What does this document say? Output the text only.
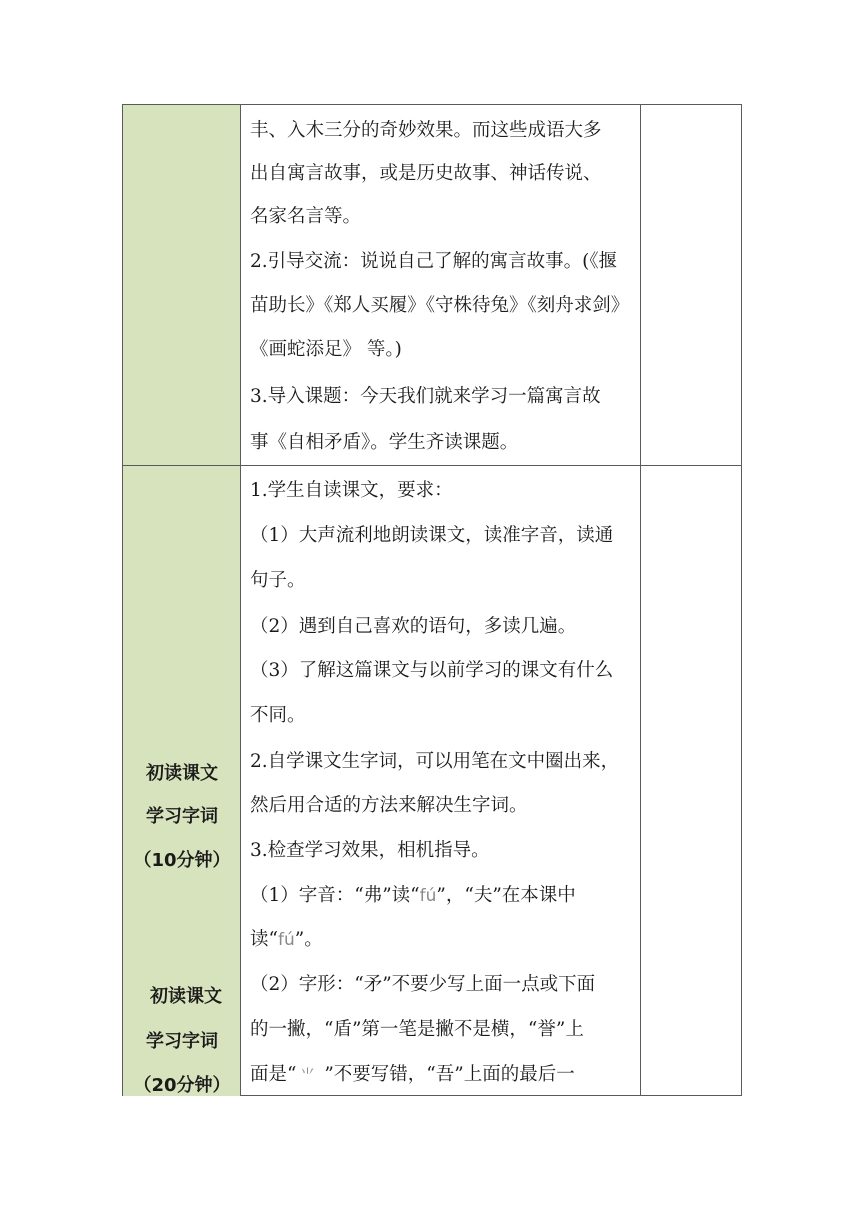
丰、入木三分的奇妙效果。而这些成语大多
出自寓言故事，或是历史故事、神话传说、
名家名言等。
2.引导交流：说说自己了解的寓言故事。(《揠
苗助长》《郑人买履》《守株待兔》《刻舟求剑》
《画蛇添足》 等。)
3.导入课题：今天我们就来学习一篇寓言故
事《自相矛盾》。学生齐读课题。
初读课文
学习字词
（10分钟）
初读课文
学习字词
（20分钟）
1.学生自读课文，要求：
（1）大声流利地朗读课文，读准字音，读通
句子。
（2）遇到自己喜欢的语句，多读几遍。
（3）了解这篇课文与以前学习的课文有什么
不同。
2.自学课文生字词，可以用笔在文中圈出来，
然后用合适的方法来解决生字词。
3.检查学习效果，相机指导。
（1）字音：“弗”读“fú”，“夫”在本课中
读“fú”。
（2）字形：“矛”不要少写上面一点或下面
的一撇，“盾”第一笔是撇不是横，“誉”上
面是“ ⺌ ”不要写错，“吾”上面的最后一
